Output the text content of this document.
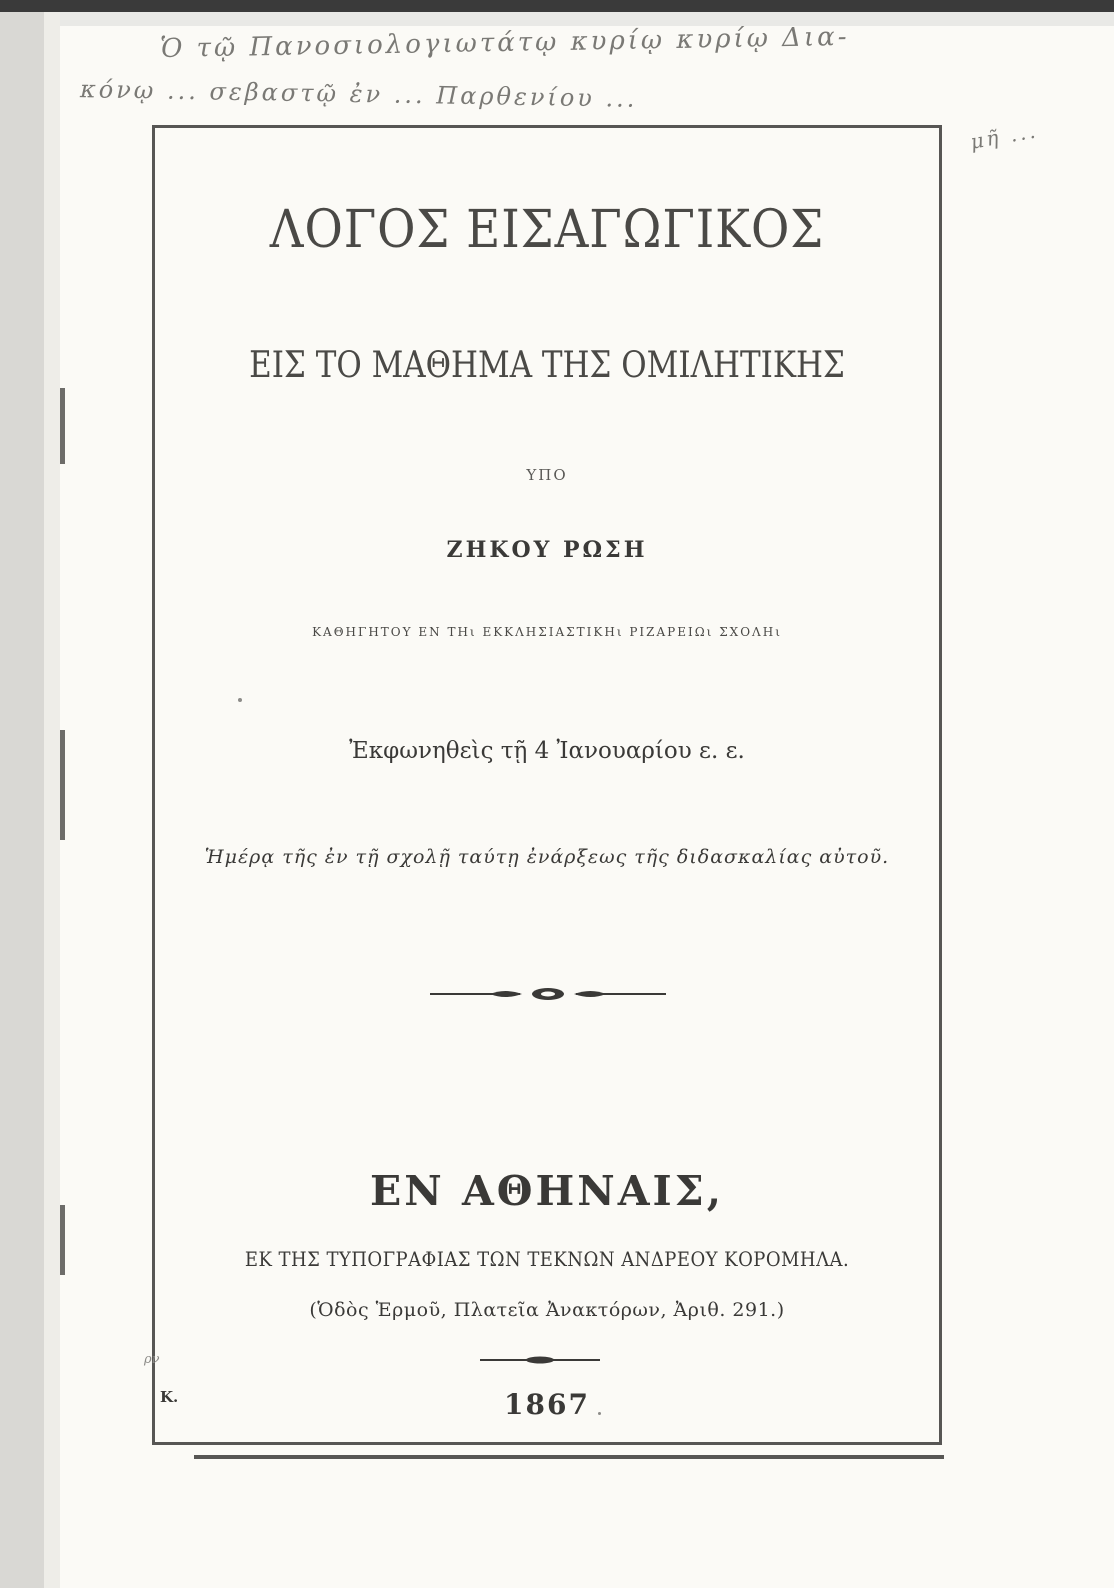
Ὁ τῷ Πανοσιολογιωτάτῳ κυρίῳ κυρίῳ Δια-
κόνῳ ... σεβαστῷ ἐν ... Παρθενίου ...
μῆ ...
ΛΟΓΟΣ ΕΙΣΑΓΩΓΙΚΟΣ
ΕΙΣ ΤΟ ΜΑΘΗΜΑ ΤΗΣ ΟΜΙΛΗΤΙΚΗΣ
ΥΠΟ
ΖΗΚΟΥ ΡΩΣΗ
ΚΑΘΗΓΗΤΟΥ ΕΝ ΤΗι ΕΚΚΛΗΣΙΑΣΤΙΚΗι ΡΙΖΑΡΕΙΩι ΣΧΟΛΗι
Ἐκφωνηθεὶς τῇ 4 Ἰανουαρίου ε. ε.
Ἡμέρᾳ τῆς ἐν τῇ σχολῇ ταύτῃ ἐνάρξεως τῆς διδασκαλίας αὐτοῦ.
ΕΝ ΑΘΗΝΑΙΣ,
ΕΚ ΤΗΣ ΤΥΠΟΓΡΑΦΙΑΣ ΤΩΝ ΤΕΚΝΩΝ ΑΝΔΡΕΟΥ ΚΟΡΟΜΗΛΑ.
(Ὁδὸς Ἑρμοῦ, Πλατεῖα Ἀνακτόρων, Ἀριθ. 291.)
1867
Κ.
ρν
